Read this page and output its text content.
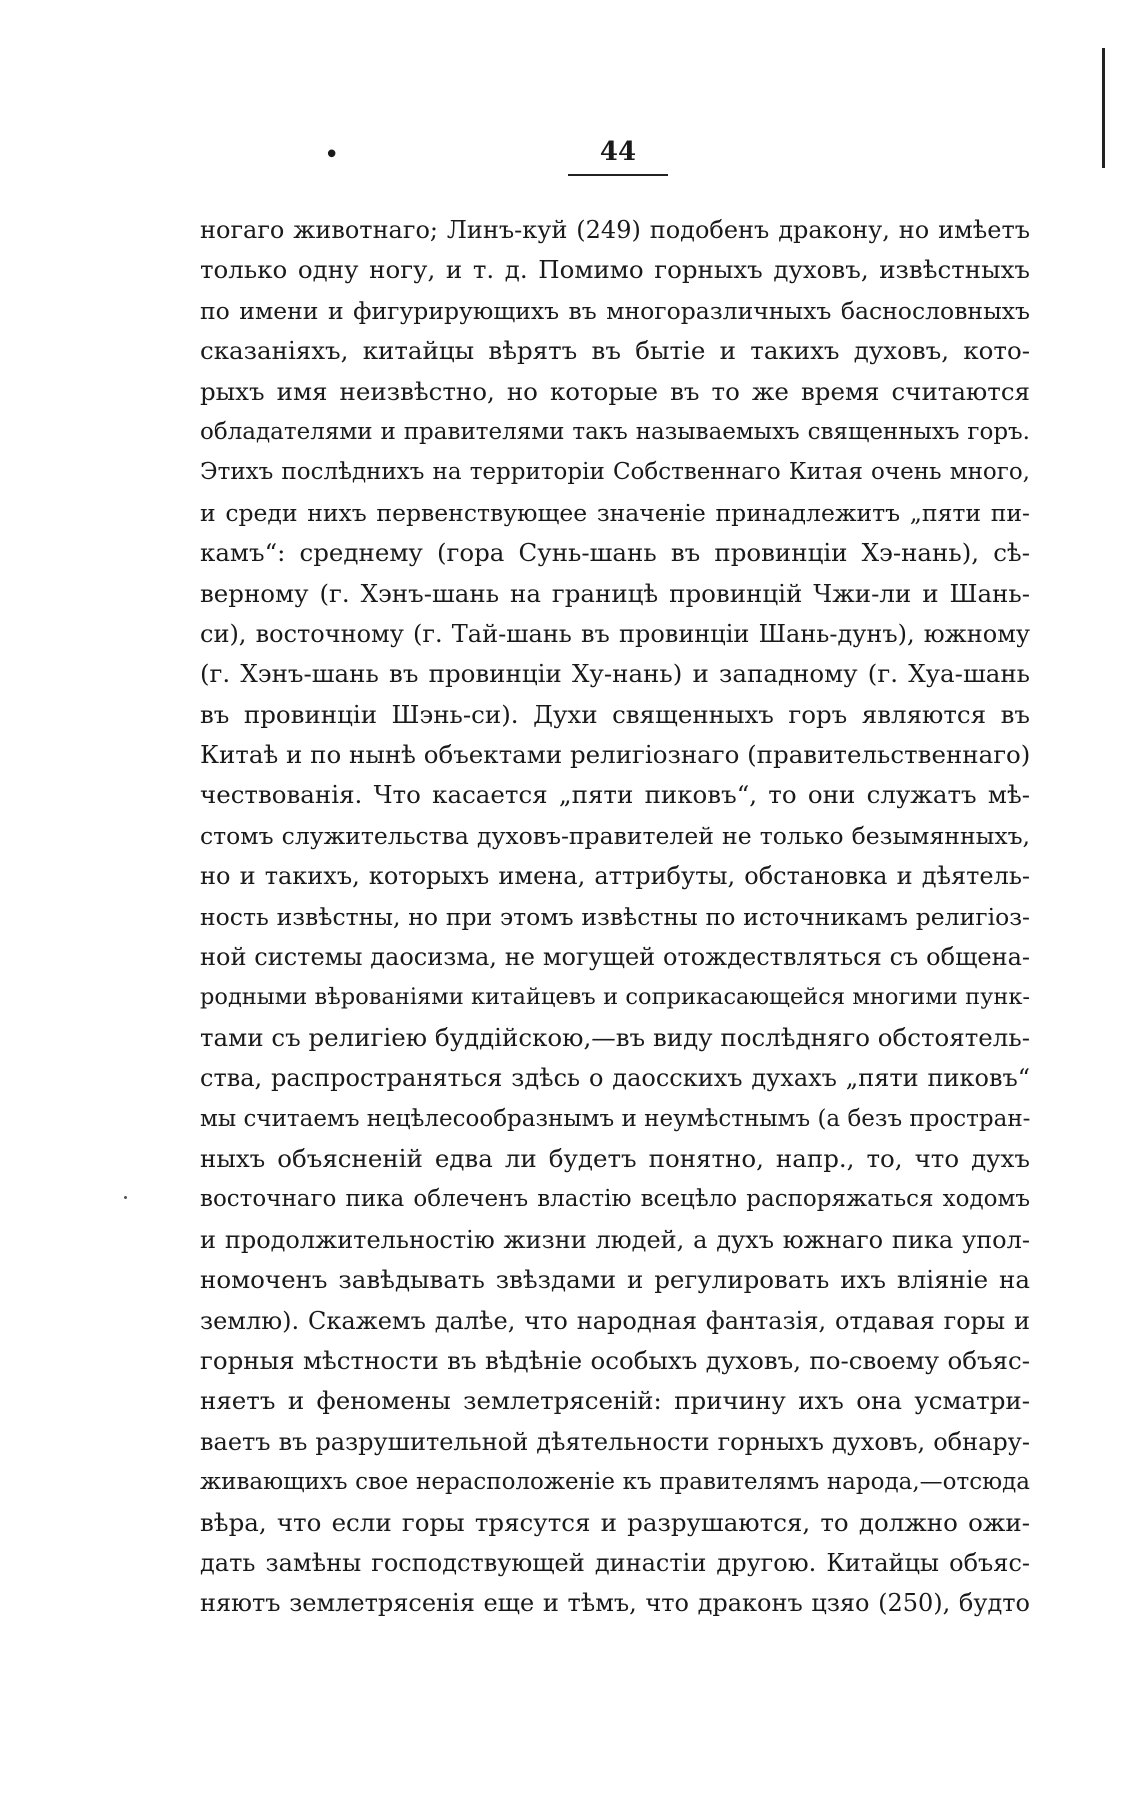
•	44
ногаго животнаго; Линъ-куй (249) подобенъ дракону, но имѣетъ
только одну ногу, и т. д. Помимо горныхъ духовъ, извѣстныхъ
по имени и фигурирующихъ въ многоразличныхъ баснословныхъ
сказаніяхъ, китайцы вѣрятъ въ бытіе и такихъ духовъ, кото-
рыхъ имя неизвѣстно, но которые въ то же время считаются
обладателями и правителями такъ называемыхъ священныхъ горъ.
Этихъ послѣднихъ на территоріи Собственнаго Китая очень много,
и среди нихъ первенствующее значеніе принадлежитъ „пяти пи-
камъ“: среднему (гора Сунь-шань въ провинціи Хэ-нань), сѣ-
верному (г. Хэнъ-шань на границѣ провинцій Чжи-ли и Шань-
си), восточному (г. Тай-шань въ провинціи Шань-дунъ), южному
(г. Хэнъ-шань въ провинціи Ху-нань) и западному (г. Хуа-шань
въ провинціи Шэнь-си). Духи священныхъ горъ являются въ
Китаѣ и по нынѣ объектами религіознаго (правительственнаго)
чествованія. Что касается „пяти пиковъ“, то они служатъ мѣ-
стомъ служительства духовъ-правителей не только безымянныхъ,
но и такихъ, которыхъ имена, аттрибуты, обстановка и дѣятель-
ность извѣстны, но при этомъ извѣстны по источникамъ религіоз-
ной системы даосизма, не могущей отождествляться съ общена-
родными вѣрованіями китайцевъ и соприкасающейся многими пунк-
тами съ религіею буддійскою,—въ виду послѣдняго обстоятель-
ства, распространяться здѣсь о даосскихъ духахъ „пяти пиковъ“
мы считаемъ нецѣлесообразнымъ и неумѣстнымъ (а безъ простран-
ныхъ объясненій едва ли будетъ понятно, напр., то, что духъ
восточнаго пика облеченъ властію всецѣло распоряжаться ходомъ
и продолжительностію жизни людей, а духъ южнаго пика упол-
номоченъ завѣдывать звѣздами и регулировать ихъ вліяніе на
землю). Скажемъ далѣе, что народная фантазія, отдавая горы и
горныя мѣстности въ вѣдѣніе особыхъ духовъ, по-своему объяс-
няетъ и феномены землетрясеній: причину ихъ она усматри-
ваетъ въ разрушительной дѣятельности горныхъ духовъ, обнару-
живающихъ свое нерасположеніе къ правителямъ народа,—отсюда
вѣра, что если горы трясутся и разрушаются, то должно ожи-
дать замѣны господствующей династіи другою. Китайцы объяс-
няютъ землетрясенія еще и тѣмъ, что драконъ цзяо (250), будто
